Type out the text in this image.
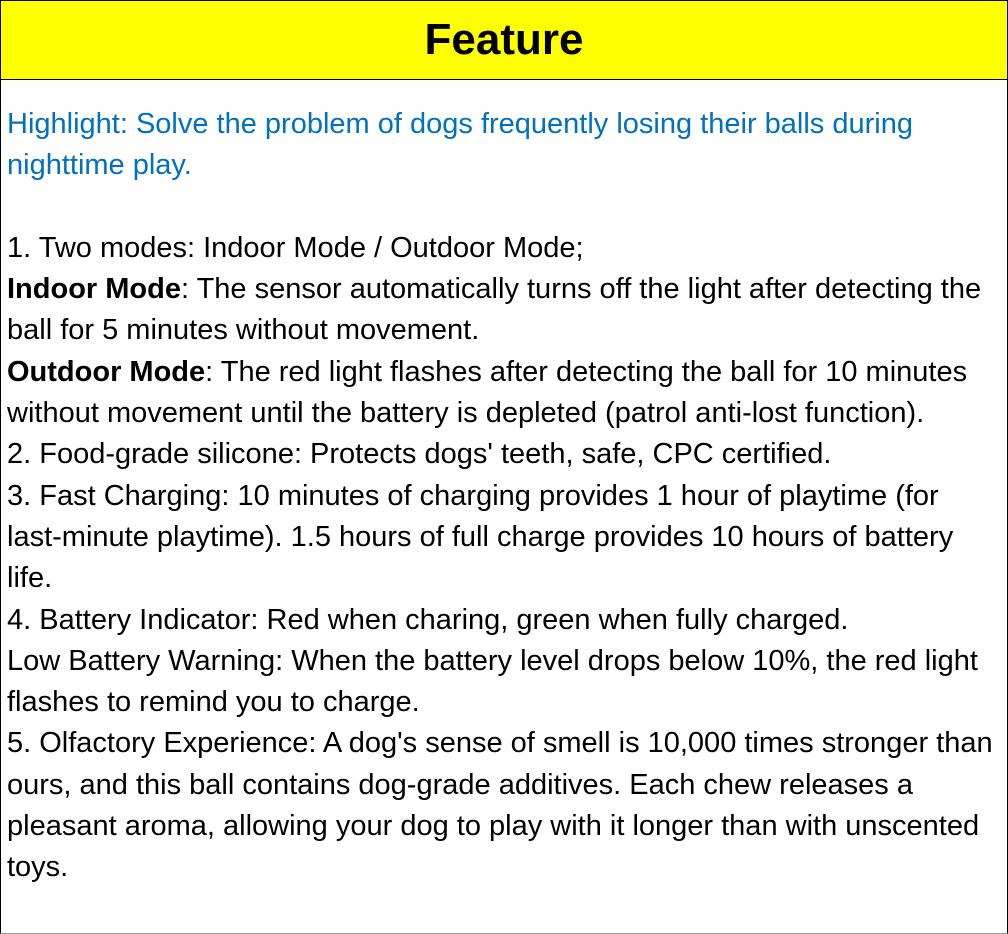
Feature
Highlight: Solve the problem of dogs frequently losing their balls during nighttime play.
1. Two modes: Indoor Mode / Outdoor Mode;
Indoor Mode: The sensor automatically turns off the light after detecting the ball for 5 minutes without movement.
Outdoor Mode: The red light flashes after detecting the ball for 10 minutes without movement until the battery is depleted (patrol anti-lost function).
2. Food-grade silicone: Protects dogs' teeth, safe, CPC certified.
3. Fast Charging: 10 minutes of charging provides 1 hour of playtime (for last-minute playtime). 1.5 hours of full charge provides 10 hours of battery life.
4. Battery Indicator: Red when charing, green when fully charged.
Low Battery Warning: When the battery level drops below 10%, the red light flashes to remind you to charge.
5. Olfactory Experience: A dog's sense of smell is 10,000 times stronger than ours, and this ball contains dog-grade additives. Each chew releases a pleasant aroma, allowing your dog to play with it longer than with unscented toys.
